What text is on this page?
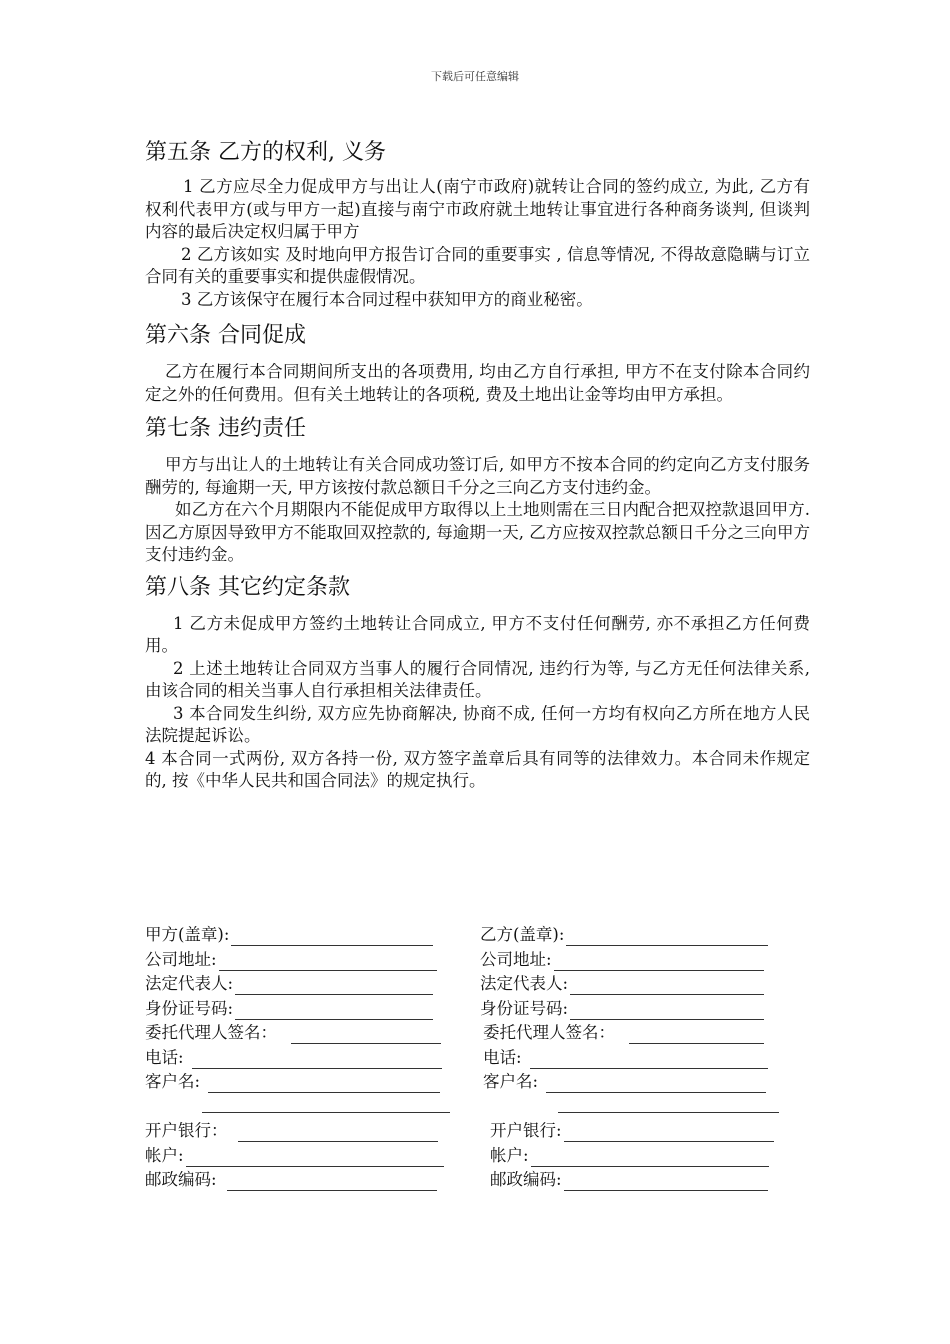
下载后可任意编辑
第五条 乙方的权利, 义务

1 乙方应尽全力促成甲方与出让人(南宁市政府)就转让合同的签约成立, 为此, 乙方有权利代表甲方(或与甲方一起)直接与南宁市政府就土地转让事宜进行各种商务谈判, 但谈判内容的最后决定权归属于甲方

2 乙方该如实 及时地向甲方报告订合同的重要事实 , 信息等情况, 不得故意隐瞒与订立合同有关的重要事实和提供虚假情况。

3 乙方该保守在履行本合同过程中获知甲方的商业秘密。

第六条 合同促成

乙方在履行本合同期间所支出的各项费用, 均由乙方自行承担, 甲方不在支付除本合同约定之外的任何费用。但有关土地转让的各项税, 费及土地出让金等均由甲方承担。

第七条 违约责任

甲方与出让人的土地转让有关合同成功签订后, 如甲方不按本合同的约定向乙方支付服务酬劳的, 每逾期一天, 甲方该按付款总额日千分之三向乙方支付违约金。

如乙方在六个月期限内不能促成甲方取得以上土地则需在三日内配合把双控款退回甲方. 因乙方原因导致甲方不能取回双控款的, 每逾期一天, 乙方应按双控款总额日千分之三向甲方支付违约金。

第八条 其它约定条款

1 乙方未促成甲方签约土地转让合同成立, 甲方不支付任何酬劳, 亦不承担乙方任何费用。

2 上述土地转让合同双方当事人的履行合同情况, 违约行为等, 与乙方无任何法律关系, 由该合同的相关当事人自行承担相关法律责任。

3 本合同发生纠纷, 双方应先协商解决, 协商不成, 任何一方均有权向乙方所在地方人民法院提起诉讼。

4 本合同一式两份, 双方各持一份, 双方签字盖章后具有同等的法律效力。本合同未作规定的, 按《中华人民共和国合同法》的规定执行。

甲方(盖章):	乙方(盖章):
公司地址:	公司地址:
法定代表人:	法定代表人:
身份证号码:	身份证号码:
委托代理人签名：	委托代理人签名：
电话:	电话:
客户名:	客户名:
开户银行：	开户银行:
帐户:	帐户:
邮政编码:	邮政编码:
